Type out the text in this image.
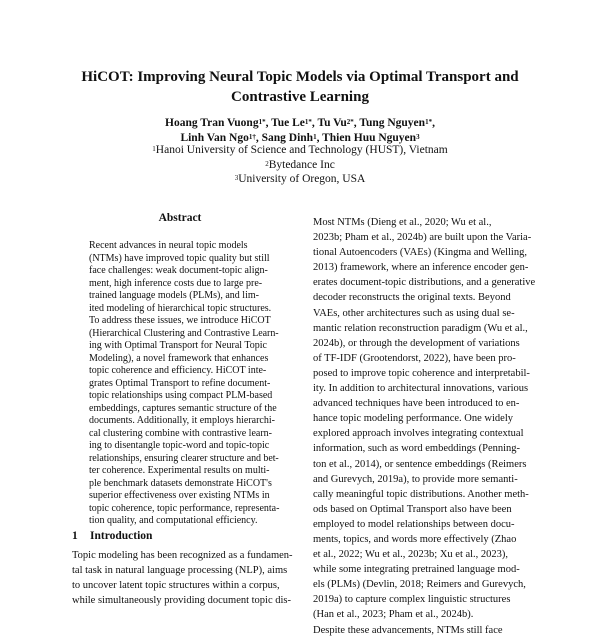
HiCOT: Improving Neural Topic Models via Optimal Transport and
Contrastive Learning
Hoang Tran Vuong$^{1*}$, Tue $Le^{1*}$, Tu $Vu^{2*}$, Tung Nguyen$^{1*}$,
Linh Van Ngo$^{1\dagger}$, Sang Dinh$^1$, Thien Huu Nguyen$^3$
$^1$Hanoi University of Science and Technology (HUST), Vietnam
$^2$Bytedance Inc
$^3$University of Oregon, USA
Abstract
Recent advances in neural topic models
(NTMs) have improved topic quality but still
face challenges: weak document-topic align-
ment, high inference costs due to large pre-
trained language models (PLMs), and lim-
ited modeling of hierarchical topic structures.
To address these issues, we introduce HiCOT
(Hierarchical Clustering and Contrastive Learn-
ing with Optimal Transport for Neural Topic
Modeling), a novel framework that enhances
topic coherence and efficiency. HiCOT inte-
grates Optimal Transport to refine document-
topic relationships using compact PLM-based
embeddings, captures semantic structure of the
documents. Additionally, it employs hierarchi-
cal clustering combine with contrastive learn-
ing to disentangle topic-word and topic-topic
relationships, ensuring clearer structure and bet-
ter coherence. Experimental results on multi-
ple benchmark datasets demonstrate HiCOT's
superior effectiveness over existing NTMs in
topic coherence, topic performance, representa-
tion quality, and computational efficiency.
1 Introduction
Topic modeling has been recognized as a fundamen-
tal task in natural language processing (NLP), aims
to uncover latent topic structures within a corpus,
while simultaneously providing document topic dis-
Most NTMs (Dieng et al., 2020; Wu et al.,
2023b; Pham et al., 2024b) are built upon the Varia-
tional Autoencoders (VAEs) (Kingma and Welling,
2013) framework, where an inference encoder gen-
erates document-topic distributions, and a generative
decoder reconstructs the original texts. Beyond
VAEs, other architectures such as using dual se-
mantic relation reconstruction paradigm (Wu et al.,
2024b), or through the development of variations
of TF-IDF (Grootendorst, 2022), have been pro-
posed to improve topic coherence and interpretabil-
ity. In addition to architectural innovations, various
advanced techniques have been introduced to en-
hance topic modeling performance. One widely
explored approach involves integrating contextual
information, such as word embeddings (Penning-
ton et al., 2014), or sentence embeddings (Reimers
and Gurevych, 2019a), to provide more semanti-
cally meaningful topic distributions. Another meth-
ods based on Optimal Transport also have been
employed to model relationships between docu-
ments, topics, and words more effectively (Zhao
et al., 2022; Wu et al., 2023b; Xu et al., 2023),
while some integrating pretrained language mod-
els (PLMs) (Devlin, 2018; Reimers and Gurevych,
2019a) to capture complex linguistic structures
(Han et al., 2023; Pham et al., 2024b).
Despite these advancements, NTMs still face
